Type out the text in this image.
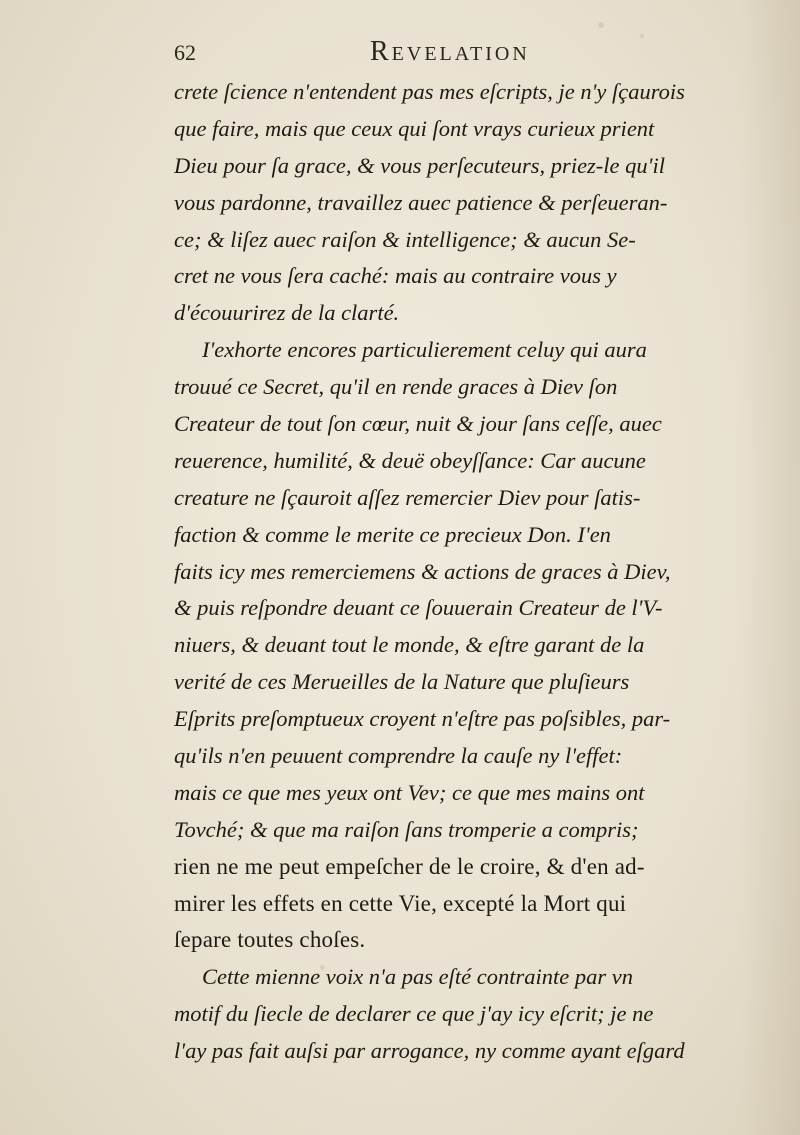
62	Revelation
crete ſcience n'entendent pas mes eſcripts, je n'y ſçaurois
que faire, mais que ceux qui ſont vrays curieux prient
Dieu pour ſa grace, & vous perſecuteurs, priez-le qu'il
vous pardonne, travaillez auec patience & perſeueran-
ce; & liſez auec raiſon & intelligence; & aucun Se-
cret ne vous ſera caché: mais au contraire vous y
d'écouurirez de la clarté.
I'exhorte encores particulierement celuy qui aura
trouué ce Secret, qu'il en rende graces à Diev ſon
Createur de tout ſon cœur, nuit & jour ſans ceſſe, auec
reuerence, humilité, & deuë obeyſſance: Car aucune
creature ne ſçauroit aſſez remercier Diev pour ſatis-
faction & comme le merite ce precieux Don. I'en
faits icy mes remerciemens & actions de graces à Diev,
& puis reſpondre deuant ce ſouuerain Createur de l'V-
niuers, & deuant tout le monde, & eſtre garant de la
verité de ces Merueilles de la Nature que pluſieurs
Eſprits preſomptueux croyent n'eſtre pas poſsibles, par-
qu'ils n'en peuuent comprendre la cauſe ny l'effet:
mais ce que mes yeux ont Vev; ce que mes mains ont
Tovché; & que ma raiſon ſans tromperie a compris;
rien ne me peut empeſcher de le croire, & d'en ad-
mirer les effets en cette Vie, excepté la Mort qui
ſepare toutes choſes.
Cette mienne voix n'a pas eſté contrainte par vn
motif du ſiecle de declarer ce que j'ay icy eſcrit; je ne
l'ay pas fait auſsi par arrogance, ny comme ayant eſgard
